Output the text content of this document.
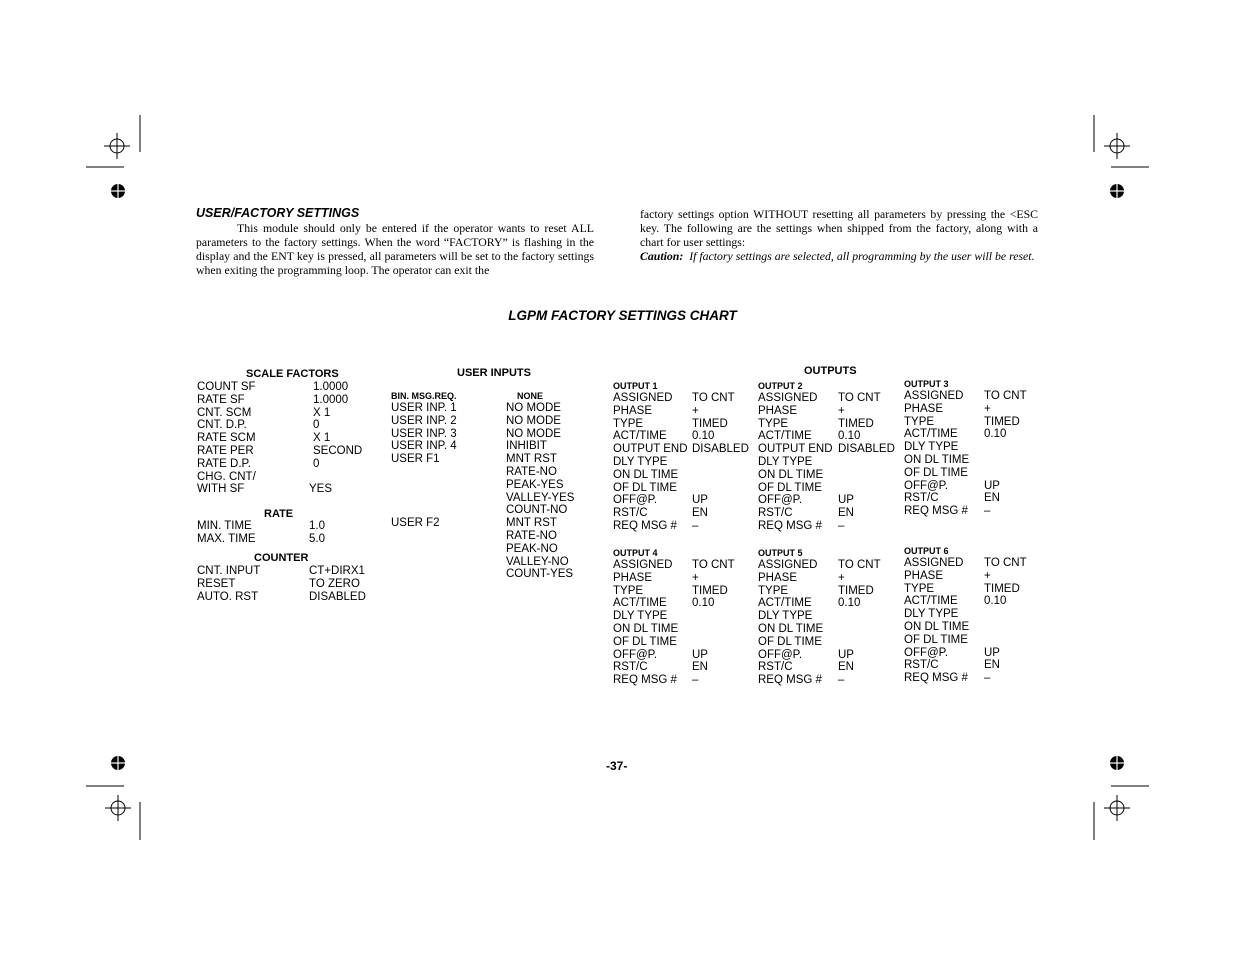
USER/FACTORY SETTINGS
This module should only be entered if the operator wants to reset ALL parameters to the factory settings. When the word “FACTORY” is flashing in the display and the ENT key is pressed, all parameters will be set to the factory settings when exiting the programming loop. The operator can exit the
factory settings option WITHOUT resetting all parameters by pressing the <ESC key. The following are the settings when shipped from the factory, along with a chart for user settings:
Caution: If factory settings are selected, all programming by the user will be reset.
LGPM FACTORY SETTINGS CHART
SCALE FACTORS
COUNT SF	1.0000
RATE SF	1.0000
CNT. SCM	X 1
CNT. D.P.	0
RATE SCM	X 1
RATE PER	SECOND
RATE D.P.	0
CHG. CNT/
WITH SF	YES
RATE
MIN. TIME	1.0
MAX. TIME	5.0
COUNTER
CNT. INPUT	CT+DIRX1
RESET	TO ZERO
AUTO. RST	DISABLED
USER INPUTS
BIN. MSG.REQ.	NONE
USER INP. 1	NO MODE
USER INP. 2	NO MODE
USER INP. 3	NO MODE
USER INP. 4	INHIBIT
USER F1	MNT RST
RATE-NO
PEAK-YES
VALLEY-YES
COUNT-NO
USER F2	MNT RST
RATE-NO
PEAK-NO
VALLEY-NO
COUNT-YES
OUTPUTS
OUTPUT 1
ASSIGNED TO CNT
PHASE	+
TYPE	TIMED
ACT/TIME 0.10
OUTPUT END DISABLED
DLY TYPE
ON DL TIME
OF DL TIME
OFF@P.	UP
RST/C	EN
REQ MSG # –
OUTPUT 2
ASSIGNED TO CNT
PHASE	+
TYPE	TIMED
ACT/TIME 0.10
OUTPUT END DISABLED
DLY TYPE
ON DL TIME
OF DL TIME
OFF@P.	UP
RST/C	EN
REQ MSG # –
OUTPUT 3
ASSIGNED TO CNT
PHASE	+
TYPE	TIMED
ACT/TIME 0.10
DLY TYPE
ON DL TIME
OF DL TIME
OFF@P.	UP
RST/C	EN
REQ MSG # –
OUTPUT 4
ASSIGNED TO CNT
PHASE	+
TYPE	TIMED
ACT/TIME 0.10
DLY TYPE
ON DL TIME
OF DL TIME
OFF@P.	UP
RST/C	EN
REQ MSG # –
OUTPUT 5
ASSIGNED TO CNT
PHASE	+
TYPE	TIMED
ACT/TIME 0.10
DLY TYPE
ON DL TIME
OF DL TIME
OFF@P.	UP
RST/C	EN
REQ MSG # –
OUTPUT 6
ASSIGNED TO CNT
PHASE	+
TYPE	TIMED
ACT/TIME 0.10
DLY TYPE
ON DL TIME
OF DL TIME
OFF@P.	UP
RST/C	EN
REQ MSG # –
-37-
